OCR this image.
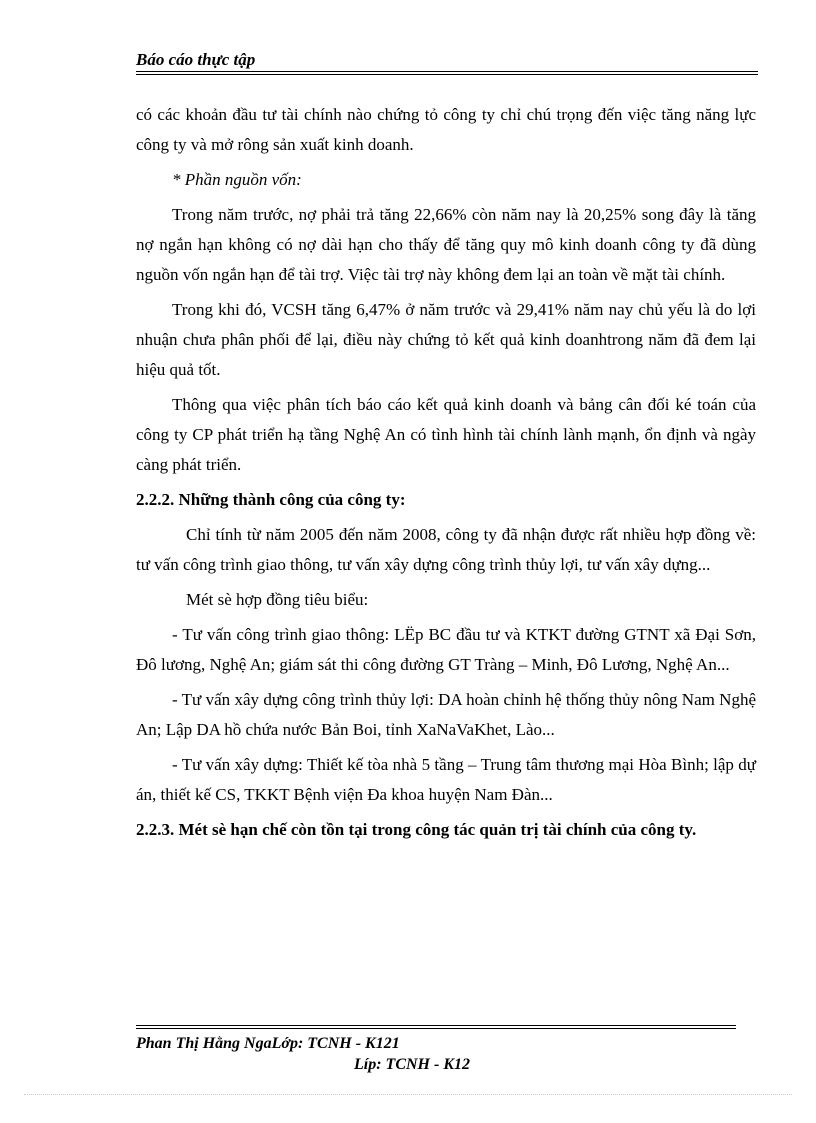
Báo cáo thực tập

có các khoản đầu tư tài chính nào chứng tỏ công ty chỉ chú trọng đến việc tăng năng lực công ty và mở rông sản xuất kinh doanh.

* Phần nguồn vốn:

Trong năm trước, nợ phải trả tăng 22,66% còn năm nay là 20,25% song đây là tăng nợ ngắn hạn không có nợ dài hạn cho thấy để tăng quy mô kinh doanh công ty đã dùng nguồn vốn ngắn hạn để tài trợ. Việc tài trợ này không đem lại an toàn về mặt tài chính.

Trong khi đó, VCSH tăng 6,47% ở năm trước và 29,41% năm nay chủ yếu là do lợi nhuận chưa phân phối để lại, điều này chứng tỏ kết quả kinh doanhtrong năm đã đem lại hiệu quả tốt.

Thông qua việc phân tích báo cáo kết quả kinh doanh và bảng cân đối ké toán của công ty CP phát triển hạ tầng Nghệ An có tình hình tài chính lành mạnh, ổn định và ngày càng phát triển.

2.2.2. Những thành công của công ty:

Chỉ tính từ năm 2005 đến năm 2008, công ty đã nhận được rất nhiều hợp đồng về: tư vấn công trình giao thông, tư vấn xây dựng công trình thủy lợi, tư vấn xây dựng...

Mét sè hợp đồng tiêu biểu:

- Tư vấn công trình giao thông: LËp BC đầu tư và KTKT đường GTNT xã Đại Sơn, Đô lương, Nghệ An; giám sát thi công đường GT Tràng – Minh, Đô Lương, Nghệ An...

- Tư vấn xây dựng công trình thủy lợi: DA hoàn chỉnh hệ thống thủy nông Nam Nghệ An; Lập DA hồ chứa nước Bản Boi, tỉnh XaNaVaKhet, Lào...

- Tư vấn xây dựng: Thiết kế tòa nhà 5 tầng – Trung tâm thương mại Hòa Bình; lập dự án, thiết kế CS, TKKT Bệnh viện Đa khoa huyện Nam Đàn...

2.2.3. Mét sè hạn chế còn tồn tại trong công tác quản trị tài chính của công ty.

Phan Thị Hằng NgaLớp: TCNH - K121
Líp: TCNH - K12
